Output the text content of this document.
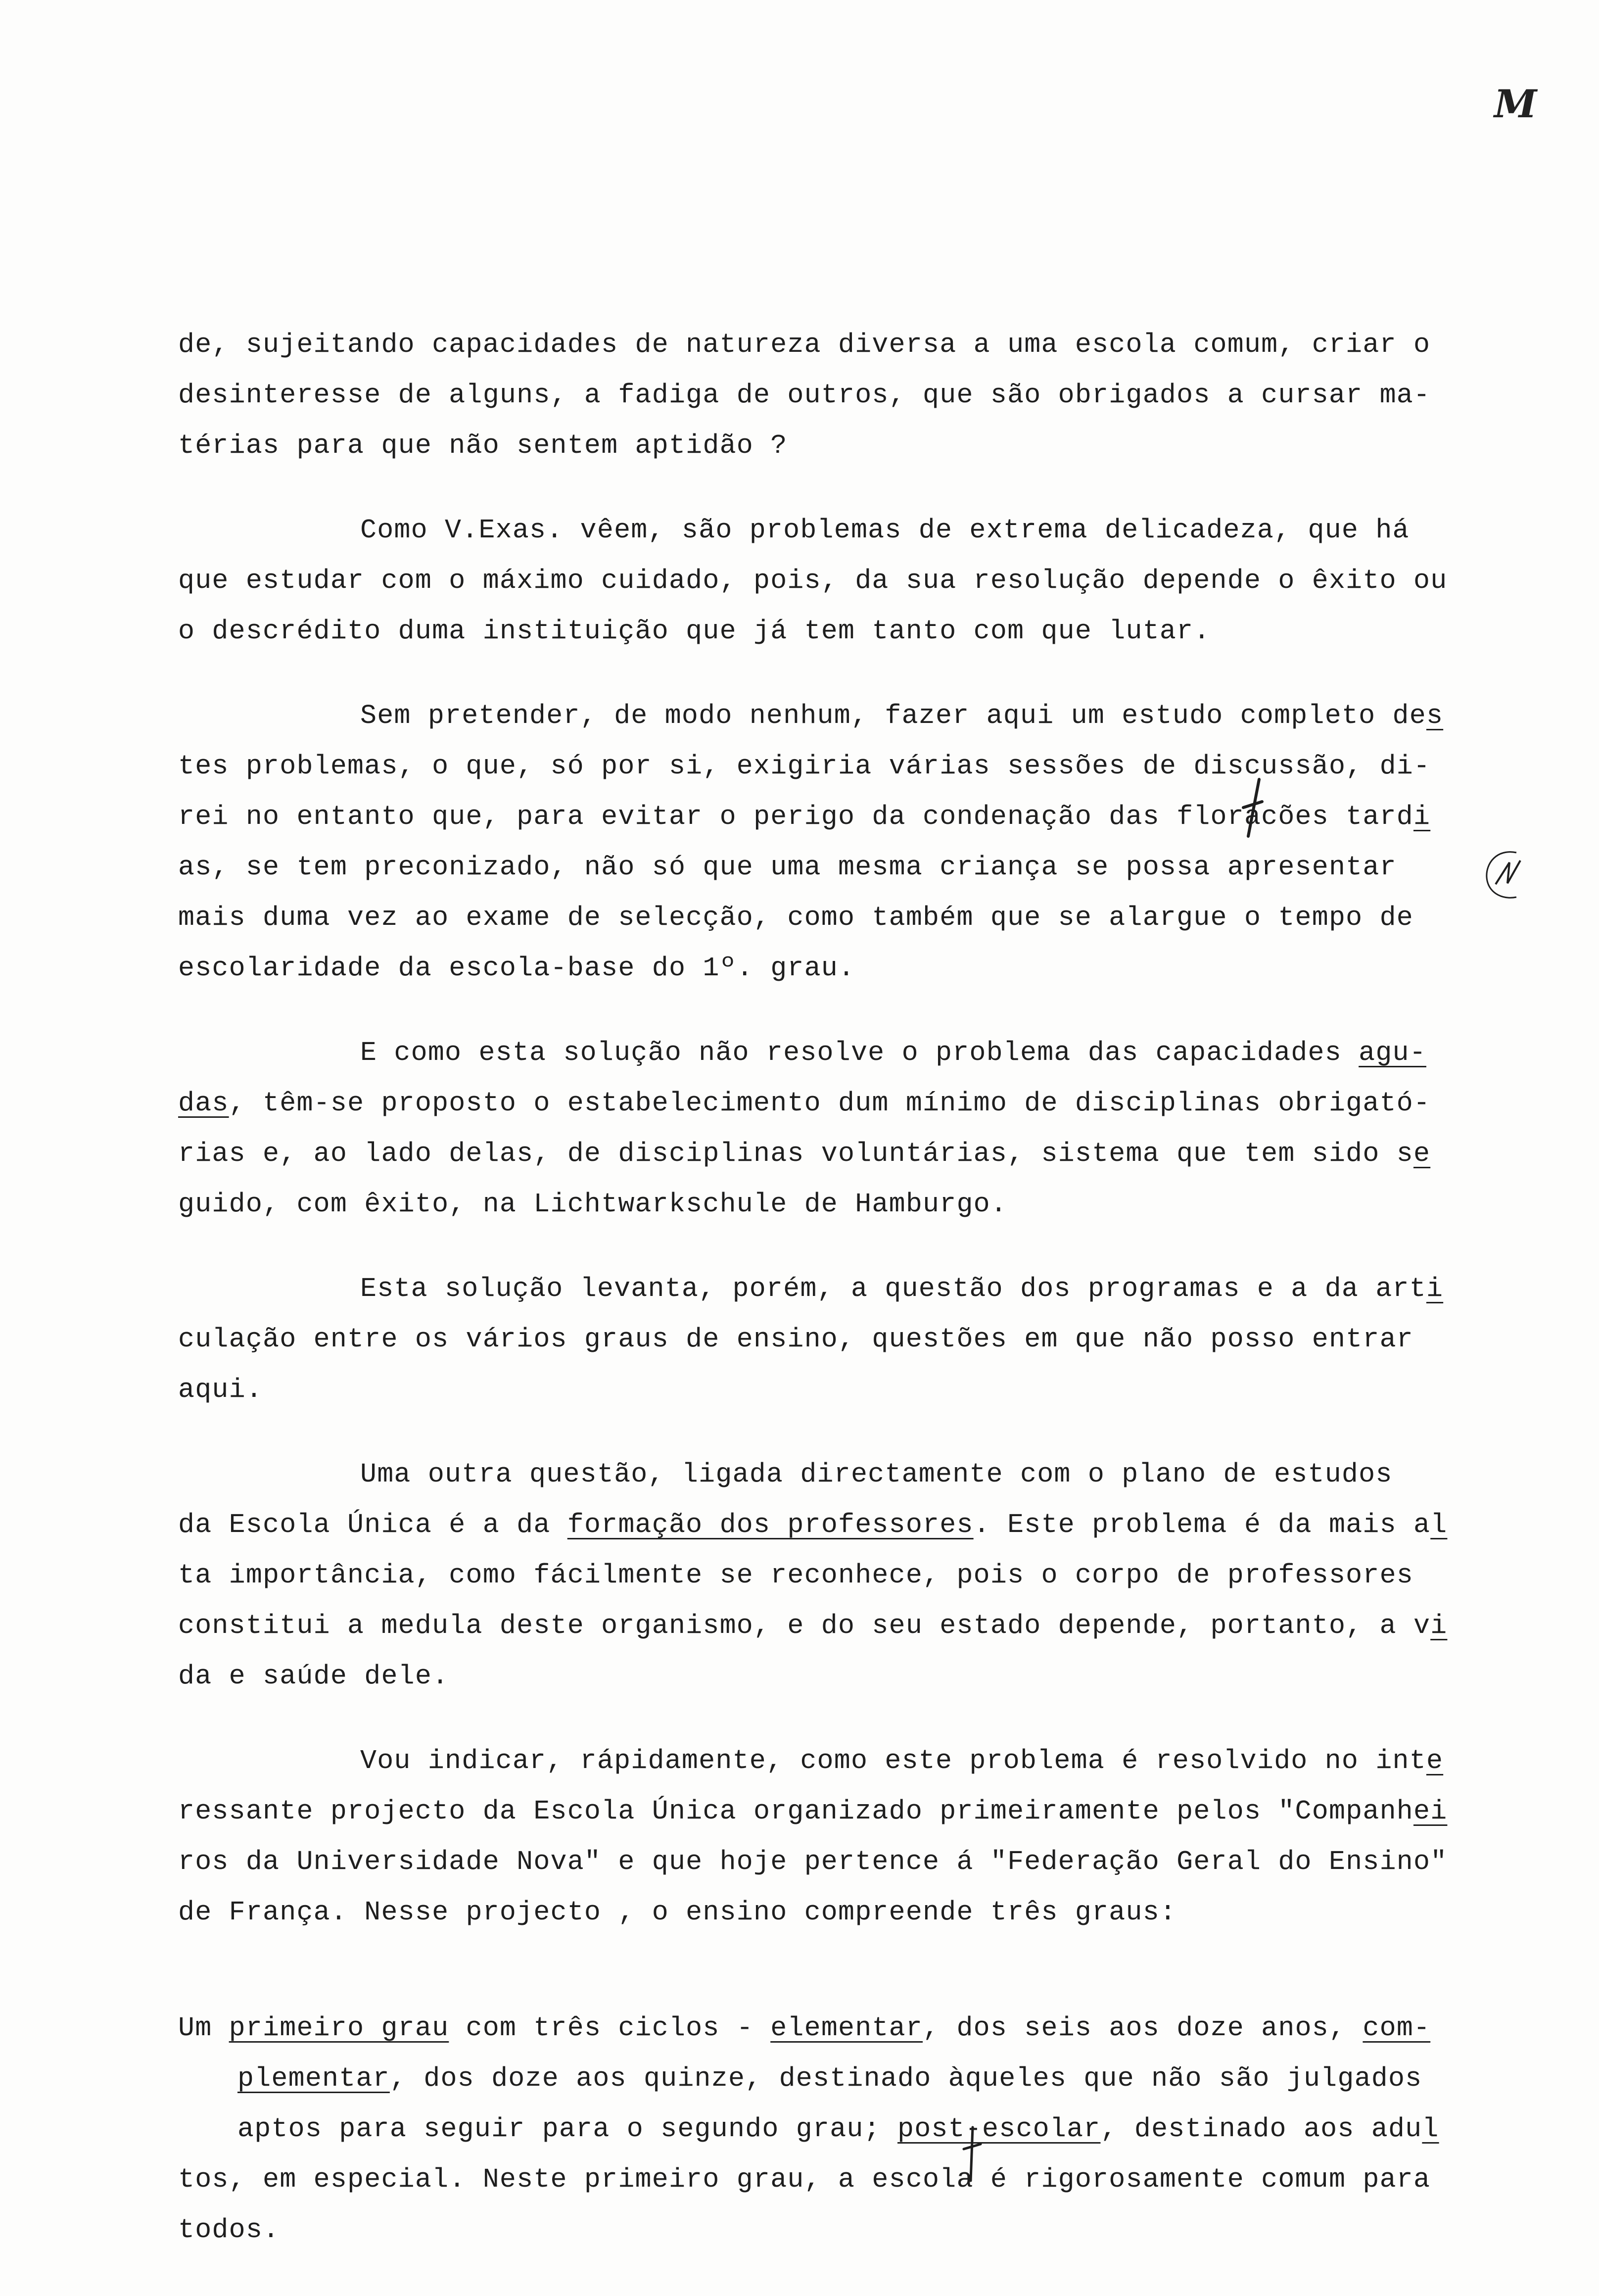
M
de, sujeitando capacidades de natureza diversa a uma escola comum, criar o
desinteresse de alguns, a fadiga de outros, que são obrigados a cursar ma-
térias para que não sentem aptidão ?
Como V.Exas. vêem, são problemas de extrema delicadeza, que há
que estudar com o máximo cuidado, pois, da sua resolução depende o êxito ou
o descrédito duma instituição que já tem tanto com que lutar.
Sem pretender, de modo nenhum, fazer aqui um estudo completo des
tes problemas, o que, só por si, exigiria várias sessões de discussão, di-
rei no entanto que, para evitar o perigo da condenação das floracões tardi
as, se tem preconizado, não só que uma mesma criança se possa apresentar
mais duma vez ao exame de selecção, como também que se alargue o tempo de
escolaridade da escola-base do 1º. grau.
E como esta solução não resolve o problema das capacidades agu-
das, têm-se proposto o estabelecimento dum mínimo de disciplinas obrigató-
rias e, ao lado delas, de disciplinas voluntárias, sistema que tem sido se
guido, com êxito, na Lichtwarkschule de Hamburgo.
Esta solução levanta, porém, a questão dos programas e a da arti
culação entre os vários graus de ensino, questões em que não posso entrar
aqui.
Uma outra questão, ligada directamente com o plano de estudos
da Escola Única é a da formação dos professores. Este problema é da mais al
ta importância, como fácilmente se reconhece, pois o corpo de professores
constitui a medula deste organismo, e do seu estado depende, portanto, a vi
da e saúde dele.
Vou indicar, rápidamente, como este problema é resolvido no inte
ressante projecto da Escola Única organizado primeiramente pelos "Companhei
ros da Universidade Nova" e que hoje pertence á "Federação Geral do Ensino"
de França. Nesse projecto , o ensino compreende três graus:
Um primeiro grau com três ciclos - elementar, dos seis aos doze anos, com-
plementar, dos doze aos quinze, destinado àqueles que não são julgados
aptos para seguir para o segundo grau; post-escolar, destinado aos adul
tos, em especial. Neste primeiro grau, a escola é rigorosamente comum para
todos.
